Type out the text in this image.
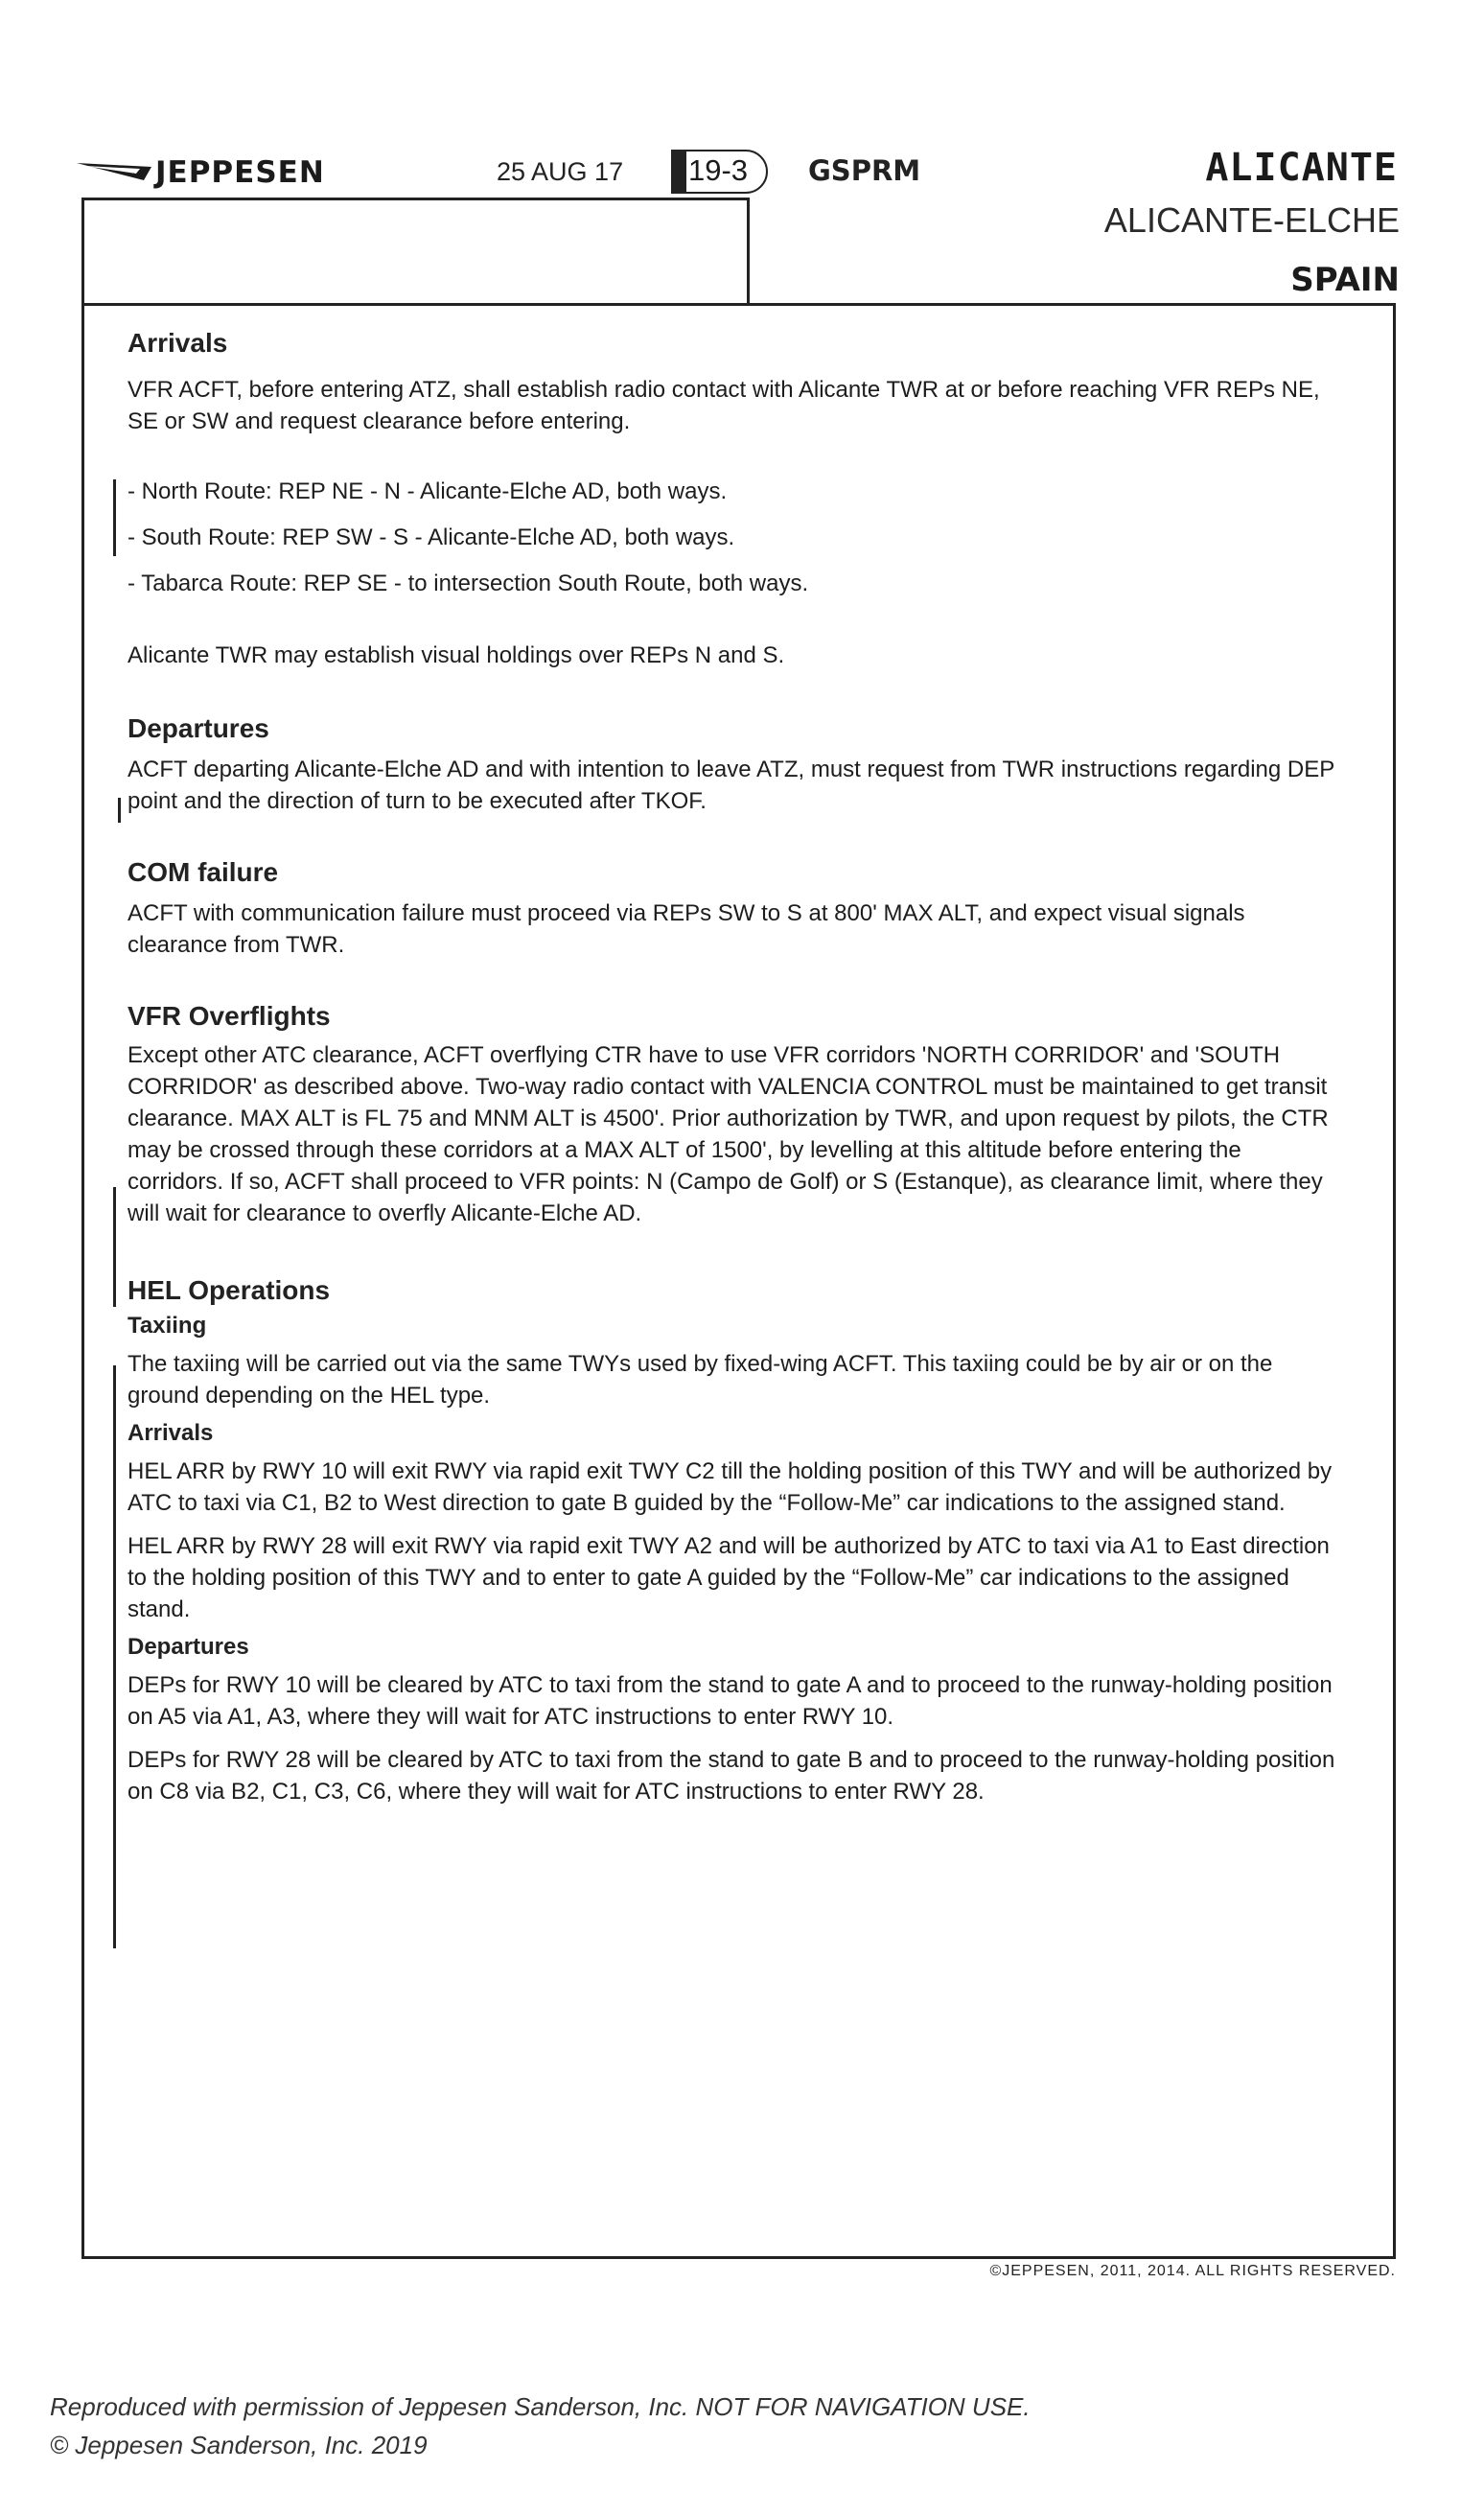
JEPPESEN	25 AUG 17 19-3 GSPRM	ALICANTE
ALICANTE-ELCHE
SPAIN
Arrivals

VFR ACFT, before entering ATZ, shall establish radio contact with Alicante TWR at or before reaching VFR REPs NE, SE or SW and request clearance before entering.

- North Route: REP NE - N - Alicante-Elche AD, both ways.

- South Route: REP SW - S - Alicante-Elche AD, both ways.

- Tabarca Route: REP SE - to intersection South Route, both ways.

Alicante TWR may establish visual holdings over REPs N and S.

Departures

ACFT departing Alicante-Elche AD and with intention to leave ATZ, must request from TWR instructions regarding DEP point and the direction of turn to be executed after TKOF.

COM failure

ACFT with communication failure must proceed via REPs SW to S at 800' MAX ALT, and expect visual signals clearance from TWR.

VFR Overflights

Except other ATC clearance, ACFT overflying CTR have to use VFR corridors 'NORTH CORRIDOR' and 'SOUTH CORRIDOR' as described above. Two-way radio contact with VALENCIA CONTROL must be maintained to get transit clearance. MAX ALT is FL 75 and MNM ALT is 4500'. Prior authorization by TWR, and upon request by pilots, the CTR may be crossed through these corridors at a MAX ALT of 1500', by levelling at this altitude before entering the corridors. If so, ACFT shall proceed to VFR points: N (Campo de Golf) or S (Estanque), as clearance limit, where they will wait for clearance to overfly Alicante-Elche AD.

HEL Operations
Taxiing

The taxiing will be carried out via the same TWYs used by fixed-wing ACFT. This taxiing could be by air or on the ground depending on the HEL type.

Arrivals

HEL ARR by RWY 10 will exit RWY via rapid exit TWY C2 till the holding position of this TWY and will be authorized by ATC to taxi via C1, B2 to West direction to gate B guided by the “Follow-Me” car indications to the assigned stand.

HEL ARR by RWY 28 will exit RWY via rapid exit TWY A2 and will be authorized by ATC to taxi via A1 to East direction to the holding position of this TWY and to enter to gate A guided by the “Follow-Me” car indications to the assigned stand.

Departures

DEPs for RWY 10 will be cleared by ATC to taxi from the stand to gate A and to proceed to the runway-holding position on A5 via A1, A3, where they will wait for ATC instructions to enter RWY 10.

DEPs for RWY 28 will be cleared by ATC to taxi from the stand to gate B and to proceed to the runway-holding position on C8 via B2, C1, C3, C6, where they will wait for ATC instructions to enter RWY 28.

©JEPPESEN, 2011, 2014. ALL RIGHTS RESERVED.
Reproduced with permission of Jeppesen Sanderson, Inc. NOT FOR NAVIGATION USE.
© Jeppesen Sanderson, Inc. 2019
